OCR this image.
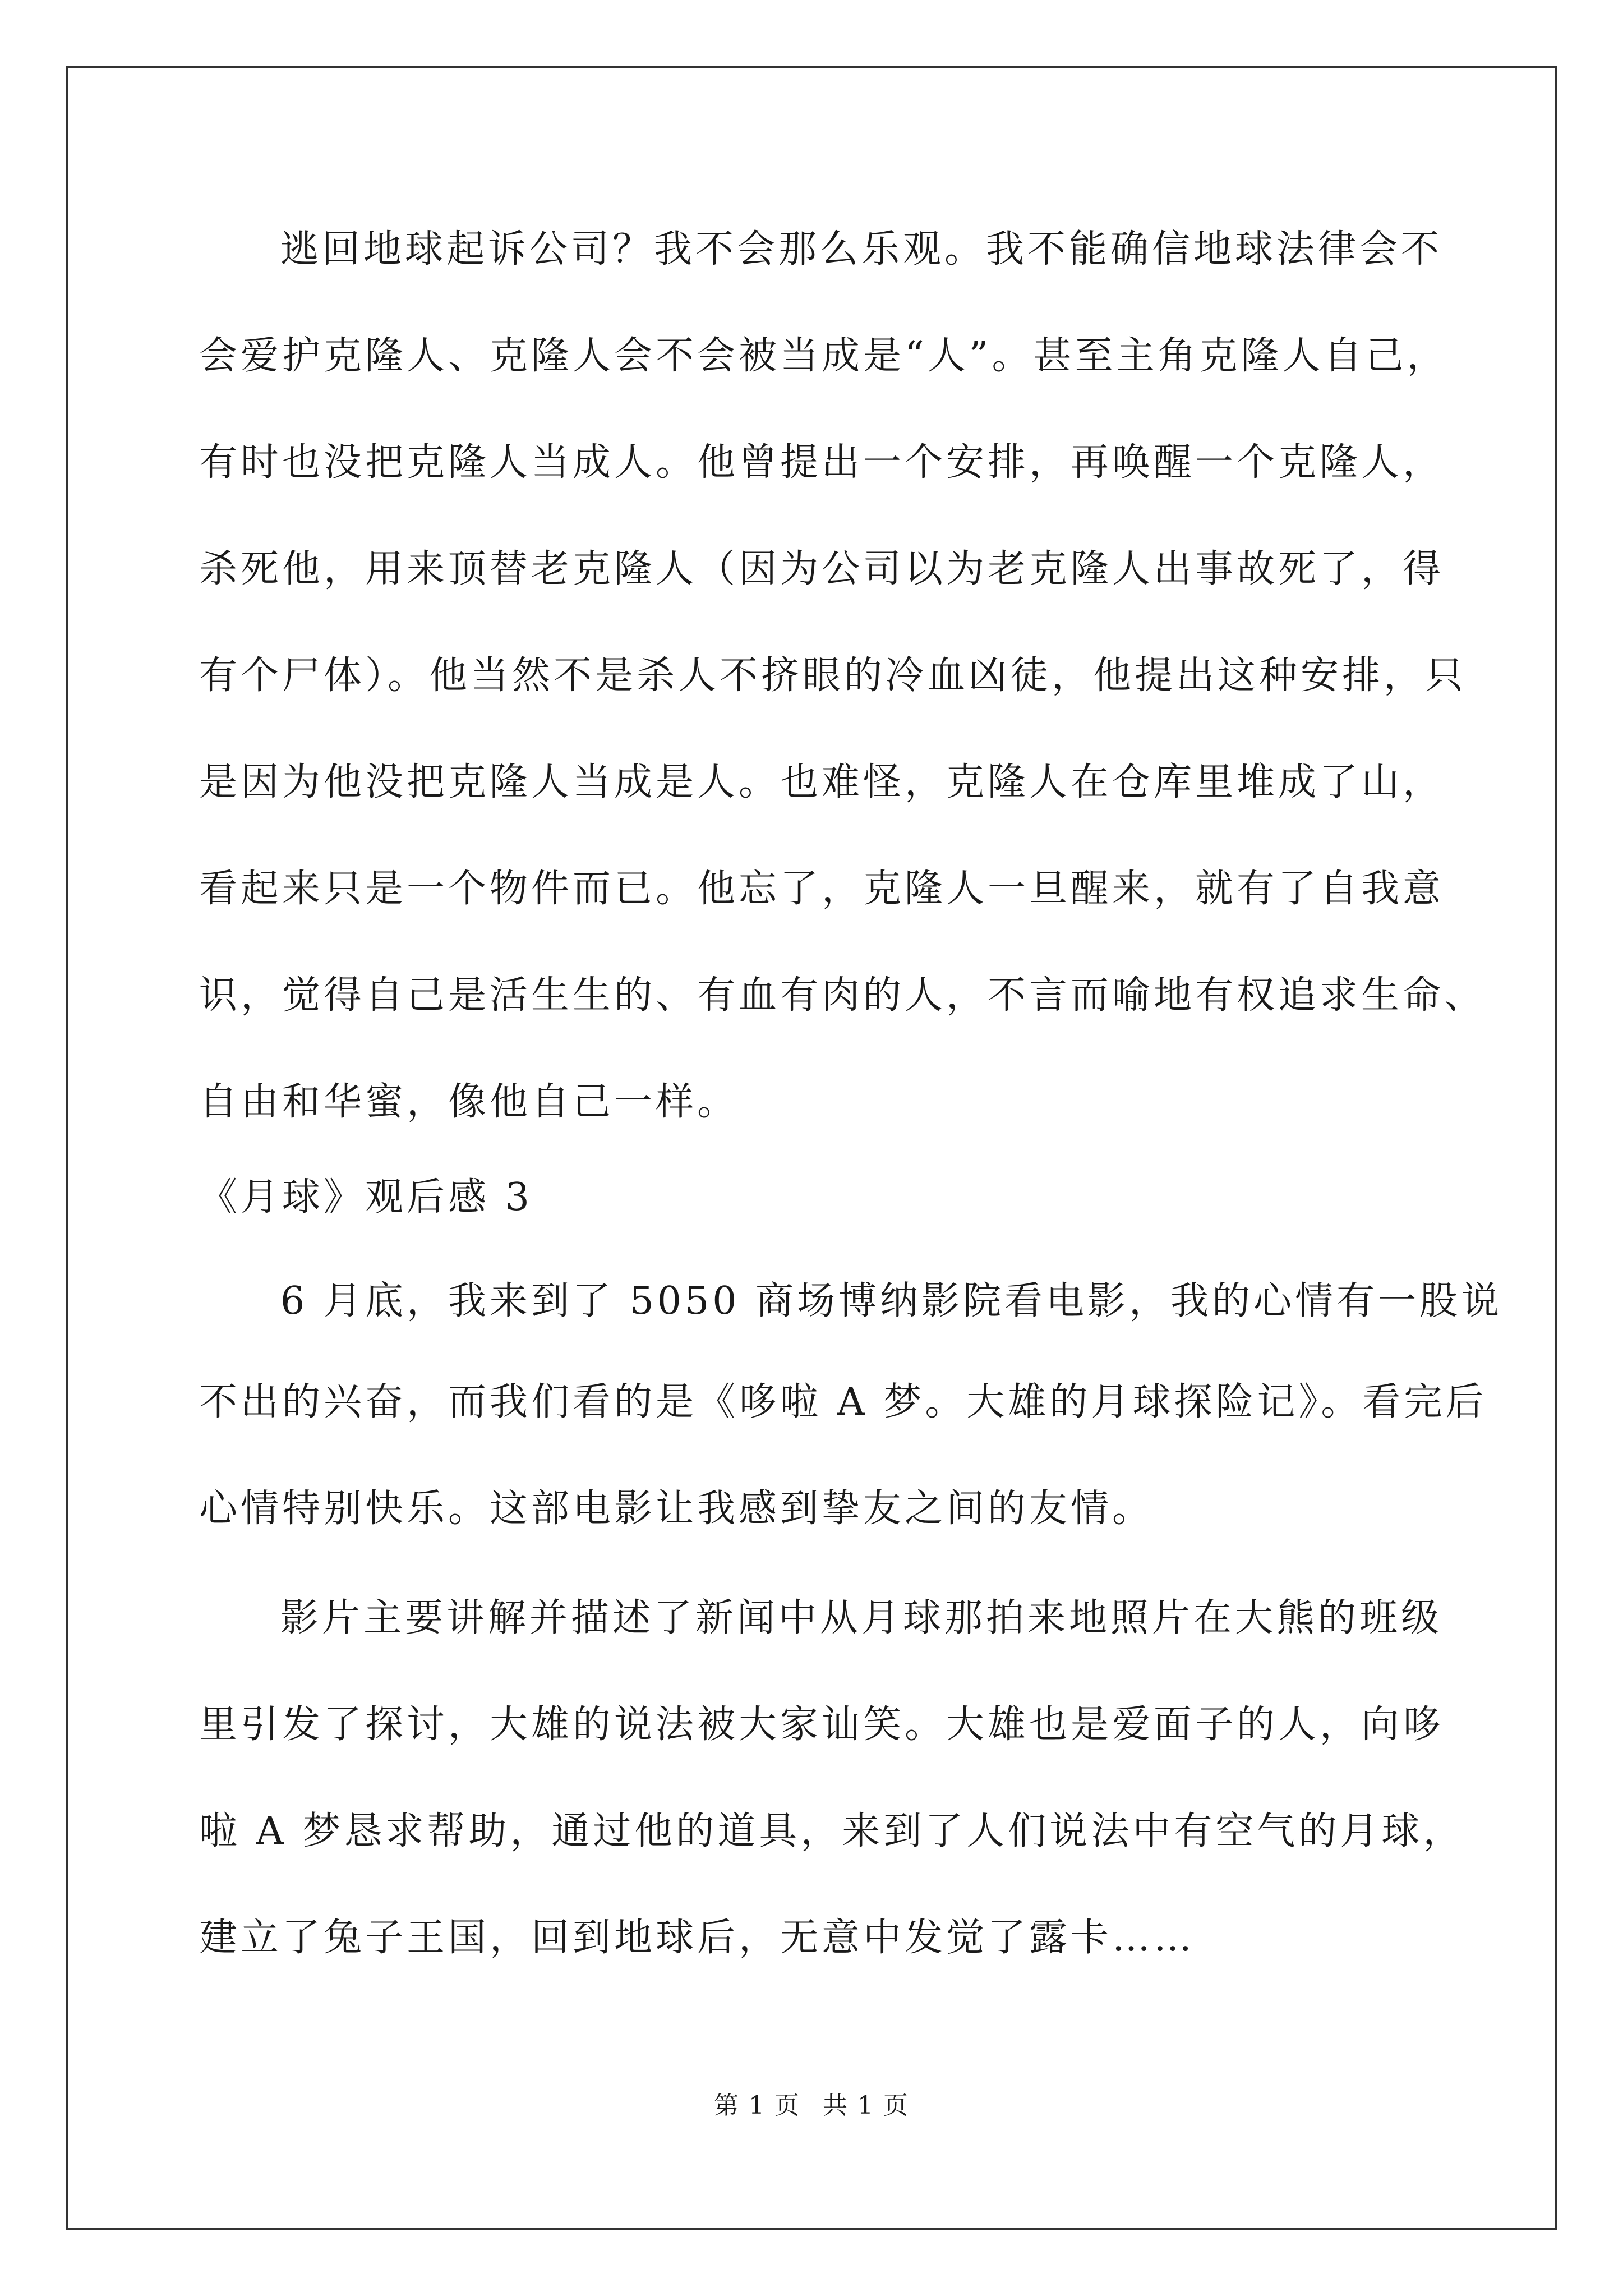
逃回地球起诉公司？我不会那么乐观。我不能确信地球法律会不
会爱护克隆人、克隆人会不会被当成是“人”。甚至主角克隆人自己，
有时也没把克隆人当成人。他曾提出一个安排，再唤醒一个克隆人，
杀死他，用来顶替老克隆人（因为公司以为老克隆人出事故死了，得
有个尸体）。他当然不是杀人不挤眼的冷血凶徒，他提出这种安排，只
是因为他没把克隆人当成是人。也难怪，克隆人在仓库里堆成了山，
看起来只是一个物件而已。他忘了，克隆人一旦醒来，就有了自我意
识，觉得自己是活生生的、有血有肉的人，不言而喻地有权追求生命、
自由和华蜜，像他自己一样。
《月球》观后感 3
6 月底，我来到了 5050 商场博纳影院看电影，我的心情有一股说
不出的兴奋，而我们看的是《哆啦 A 梦。大雄的月球探险记》。看完后
心情特别快乐。这部电影让我感到挚友之间的友情。
影片主要讲解并描述了新闻中从月球那拍来地照片在大熊的班级
里引发了探讨，大雄的说法被大家讪笑。大雄也是爱面子的人，向哆
啦 A 梦恳求帮助，通过他的道具，来到了人们说法中有空气的月球，
建立了兔子王国，回到地球后，无意中发觉了露卡……
第 1 页 共 1 页
